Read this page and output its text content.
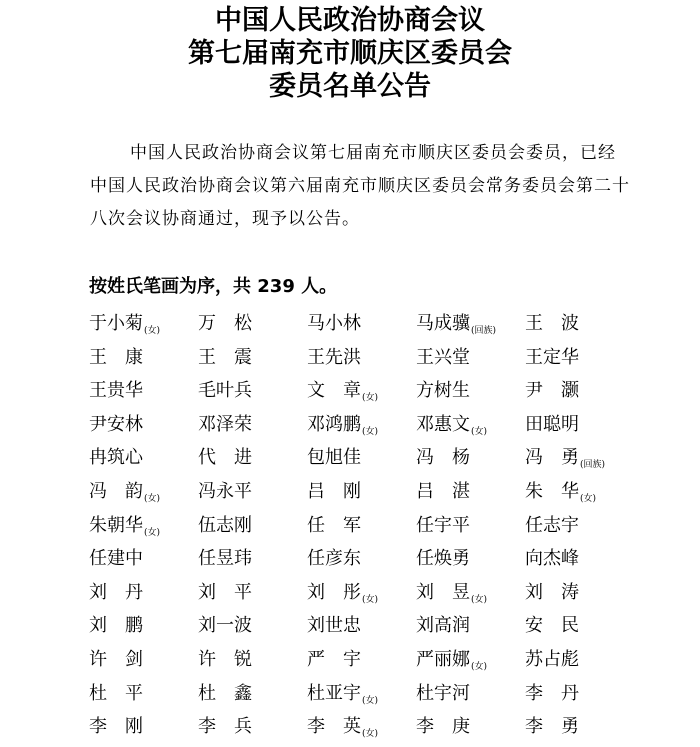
中国人民政治协商会议
第七届南充市顺庆区委员会
委员名单公告
中国人民政治协商会议第七届南充市顺庆区委员会委员，已经中国人民政治协商会议第六届南充市顺庆区委员会常务委员会第二十八次会议协商通过，现予以公告。
按姓氏笔画为序，共 239 人。
于小菊$_{(女)}$	万　松	马小林	马成骥$_{(回族)}$	王　波
王　康	王　震	王先洪	王兴堂	王定华
王贵华	毛叶兵	文　章$_{(女)}$	方树生	尹　灏
尹安林	邓泽荣	邓鸿鹏$_{(女)}$	邓惠文$_{(女)}$	田聪明
冉筑心	代　进	包旭佳	冯　杨	冯　勇$_{(回族)}$
冯　韵$_{(女)}$	冯永平	吕　刚	吕　湛	朱　华$_{(女)}$
朱朝华$_{(女)}$	伍志刚	任　军	任宇平	任志宇
任建中	任昱玮	任彦东	任焕勇	向杰峰
刘　丹	刘　平	刘　彤$_{(女)}$	刘　昱$_{(女)}$	刘　涛
刘　鹏	刘一波	刘世忠	刘高润	安　民
许　剑	许　锐	严　宇	严丽娜$_{(女)}$	苏占彪
杜　平	杜　鑫	杜亚宇$_{(女)}$	杜宇河	李　丹
李　刚	李　兵	李　英$_{(女)}$	李　庚	李　勇
